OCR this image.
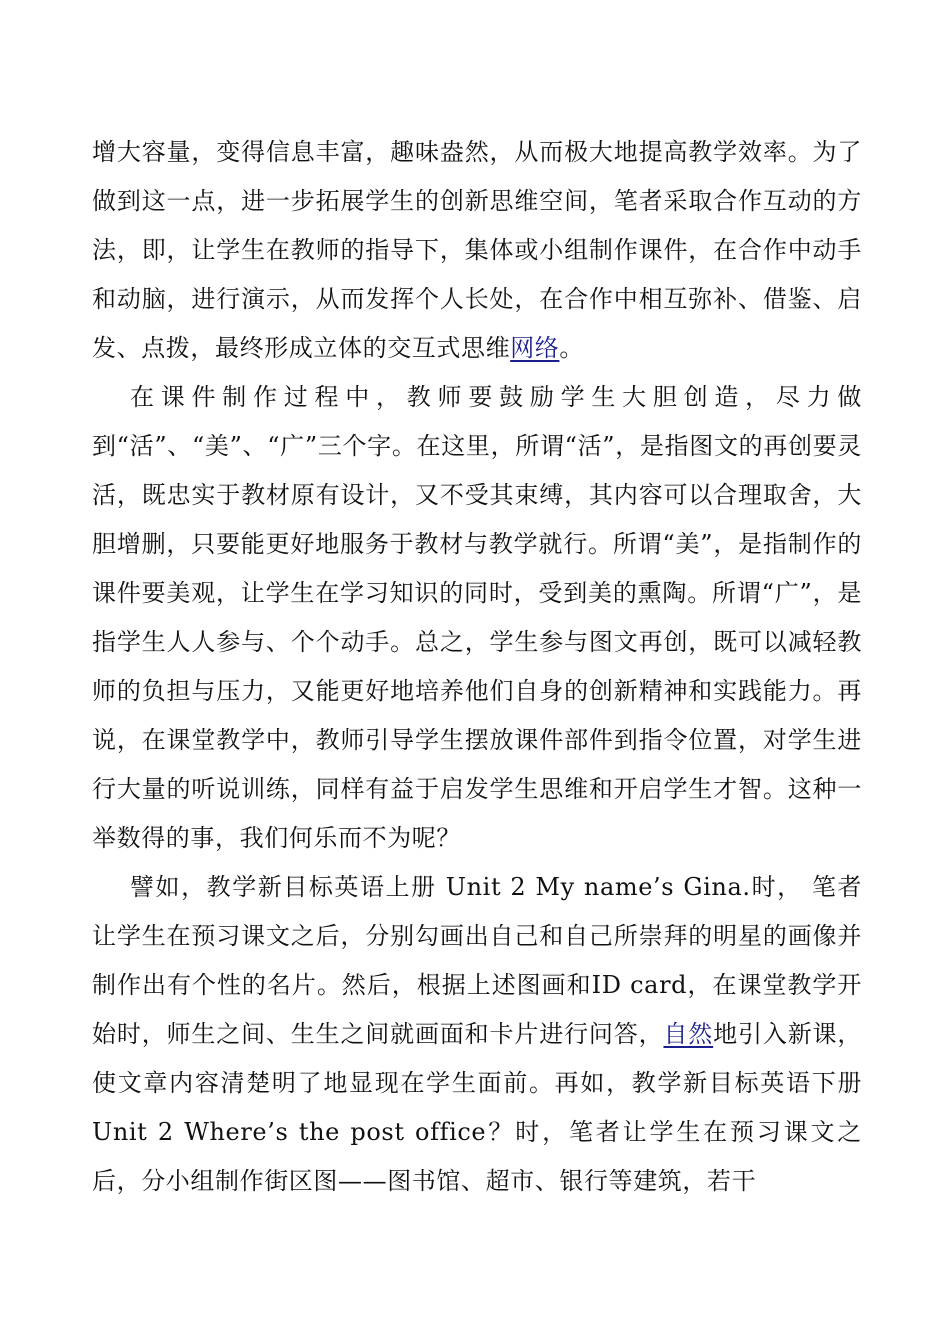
增大容量，变得信息丰富，趣味盎然，从而极大地提高教学效率。为了做到这一点，进一步拓展学生的创新思维空间，笔者采取合作互动的方法，即，让学生在教师的指导下，集体或小组制作课件，在合作中动手和动脑，进行演示，从而发挥个人长处，在合作中相互弥补、借鉴、启发、点拨，最终形成立体的交互式思维网络。

在课件制作过程中，教师要鼓励学生大胆创造，尽力做到“活”、“美”、“广”三个字。在这里，所谓“活”，是指图文的再创要灵活，既忠实于教材原有设计，又不受其束缚，其内容可以合理取舍，大胆增删，只要能更好地服务于教材与教学就行。所谓“美”，是指制作的课件要美观，让学生在学习知识的同时，受到美的熏陶。所谓“广”，是指学生人人参与、个个动手。总之，学生参与图文再创，既可以减轻教师的负担与压力，又能更好地培养他们自身的创新精神和实践能力。再说，在课堂教学中，教师引导学生摆放课件部件到指令位置，对学生进行大量的听说训练，同样有益于启发学生思维和开启学生才智。这种一举数得的事，我们何乐而不为呢？

譬如，教学新目标英语上册 Unit 2 My name’s Gina.时， 笔者让学生在预习课文之后，分别勾画出自己和自己所崇拜的明星的画像并制作出有个性的名片。然后，根据上述图画和ID card，在课堂教学开始时，师生之间、生生之间就画面和卡片进行问答，自然地引入新课，使文章内容清楚明了地显现在学生面前。再如，教学新目标英语下册Unit 2 Where’s the post office？时，笔者让学生在预习课文之后，分小组制作街区图——图书馆、超市、银行等建筑，若干
